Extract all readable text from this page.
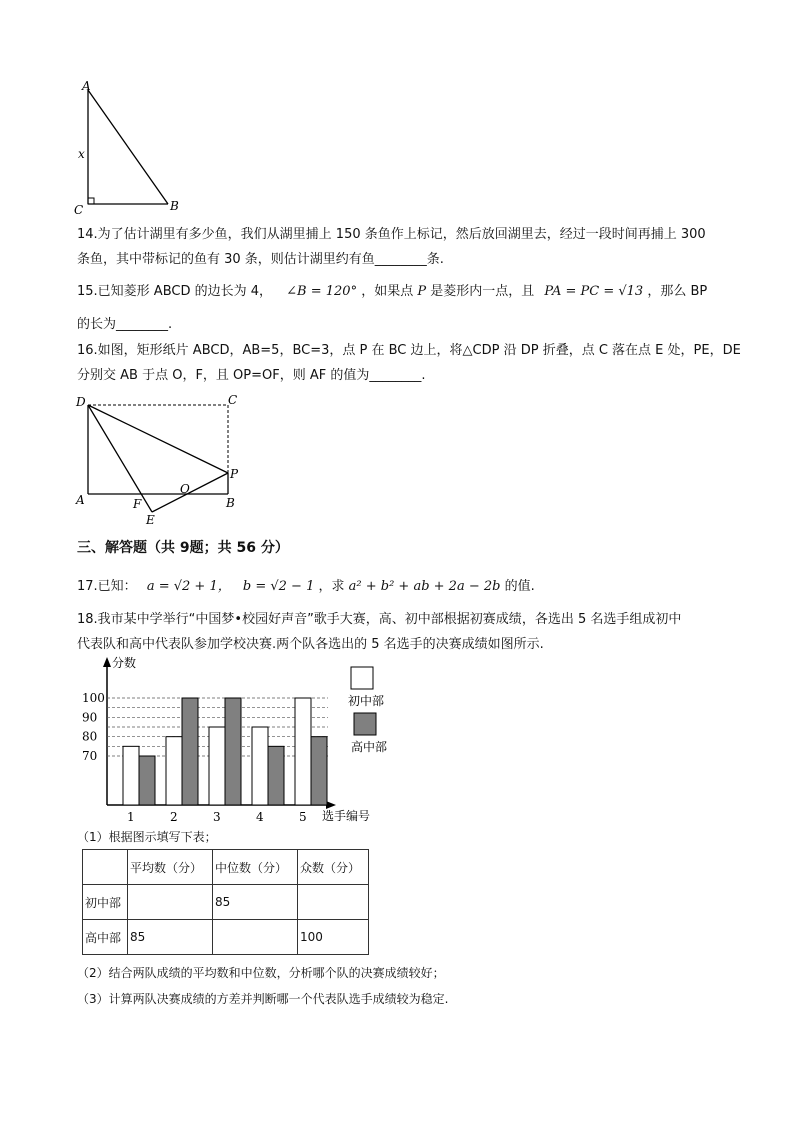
A
x
C	B
14.为了估计湖里有多少鱼，我们从湖里捕上 150 条鱼作上标记，然后放回湖里去，经过一段时间再捕上 300
条鱼，其中带标记的鱼有 30 条，则估计湖里约有鱼________条.
15.已知菱形 ABCD 的边长为 4， ∠B = 120° ，如果点 P 是菱形内一点，且 PA = PC = √13 ，那么 BP
的长为________.
16.如图，矩形纸片 ABCD，AB=5，BC=3，点 P 在 BC 边上，将△CDP 沿 DP 折叠，点 C 落在点 E 处，PE，DE
分别交 AB 于点 O，F，且 OP=OF，则 AF 的值为________.
D	C
P
A	B
F
O
E
三、解答题（共 9题；共 56 分）
17.已知： a = √2 + 1， b = √2 − 1 ，求 a² + b² + ab + 2a − 2b 的值.
18.我市某中学举行“中国梦•校园好声音”歌手大赛，高、初中部根据初赛成绩，各选出 5 名选手组成初中
代表队和高中代表队参加学校决赛.两个队各选出的 5 名选手的决赛成绩如图所示.
70
80
90
100
1	2	3	4	5
分数
选手编号
初中部
高中部
（1）根据图示填写下表；
	平均数（分）	中位数（分）	众数（分）
初中部		85	
高中部	85		100
（2）结合两队成绩的平均数和中位数，分析哪个队的决赛成绩较好；
（3）计算两队决赛成绩的方差并判断哪一个代表队选手成绩较为稳定.
